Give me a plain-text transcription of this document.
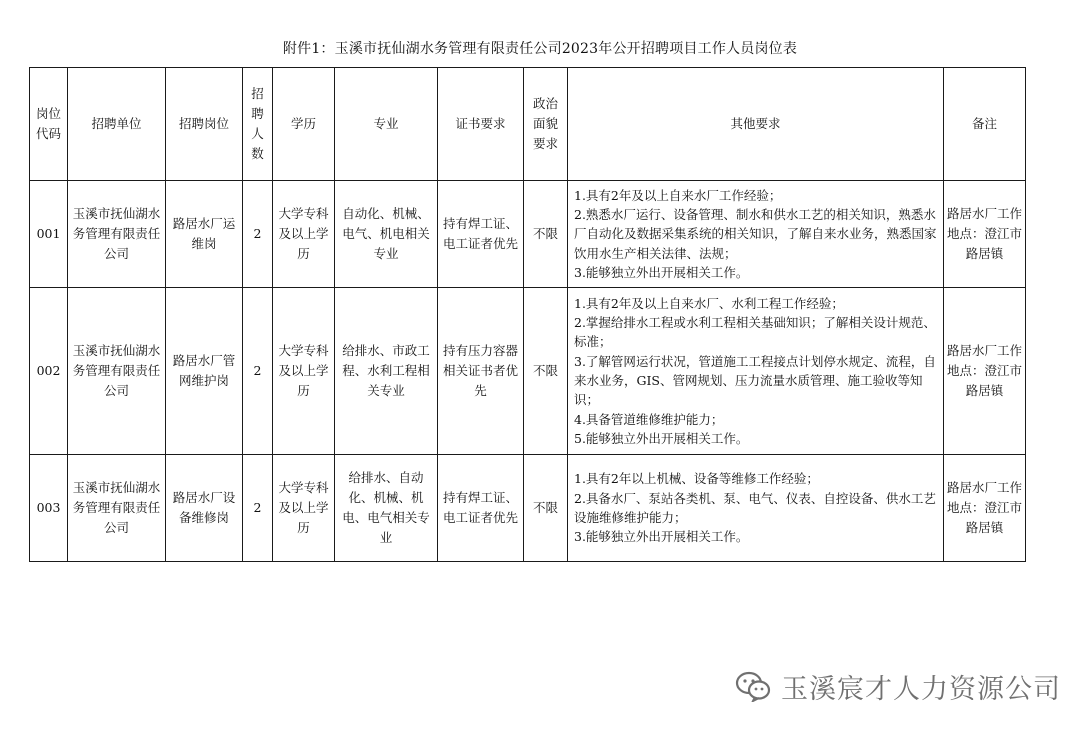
附件1：玉溪市抚仙湖水务管理有限责任公司2023年公开招聘项目工作人员岗位表
岗位代码	招聘单位	招聘岗位	招聘人数	学历	专业	证书要求	政治面貌要求	其他要求	备注
001	玉溪市抚仙湖水务管理有限责任公司	路居水厂运维岗	2	大学专科及以上学历	自动化、机械、电气、机电相关专业	持有焊工证、电工证者优先	不限	1.具有2年及以上自来水厂工作经验；
2.熟悉水厂运行、设备管理、制水和供水工艺的相关知识，熟悉水厂自动化及数据采集系统的相关知识，了解自来水业务，熟悉国家饮用水生产相关法律、法规；
3.能够独立外出开展相关工作。	路居水厂工作地点：澄江市路居镇
002	玉溪市抚仙湖水务管理有限责任公司	路居水厂管网维护岗	2	大学专科及以上学历	给排水、市政工程、水利工程相关专业	持有压力容器相关证书者优先	不限	1.具有2年及以上自来水厂、水利工程工作经验；
2.掌握给排水工程或水利工程相关基础知识；了解相关设计规范、标准；
3.了解管网运行状况，管道施工工程接点计划停水规定、流程，自来水业务，GIS、管网规划、压力流量水质管理、施工验收等知识；
4.具备管道维修维护能力；
5.能够独立外出开展相关工作。	路居水厂工作地点：澄江市路居镇
003	玉溪市抚仙湖水务管理有限责任公司	路居水厂设备维修岗	2	大学专科及以上学历	给排水、自动化、机械、机电、电气相关专业	持有焊工证、电工证者优先	不限	1.具有2年以上机械、设备等维修工作经验；
2.具备水厂、泵站各类机、泵、电气、仪表、自控设备、供水工艺设施维修维护能力；
3.能够独立外出开展相关工作。	路居水厂工作地点：澄江市路居镇
玉溪宸才人力资源公司
